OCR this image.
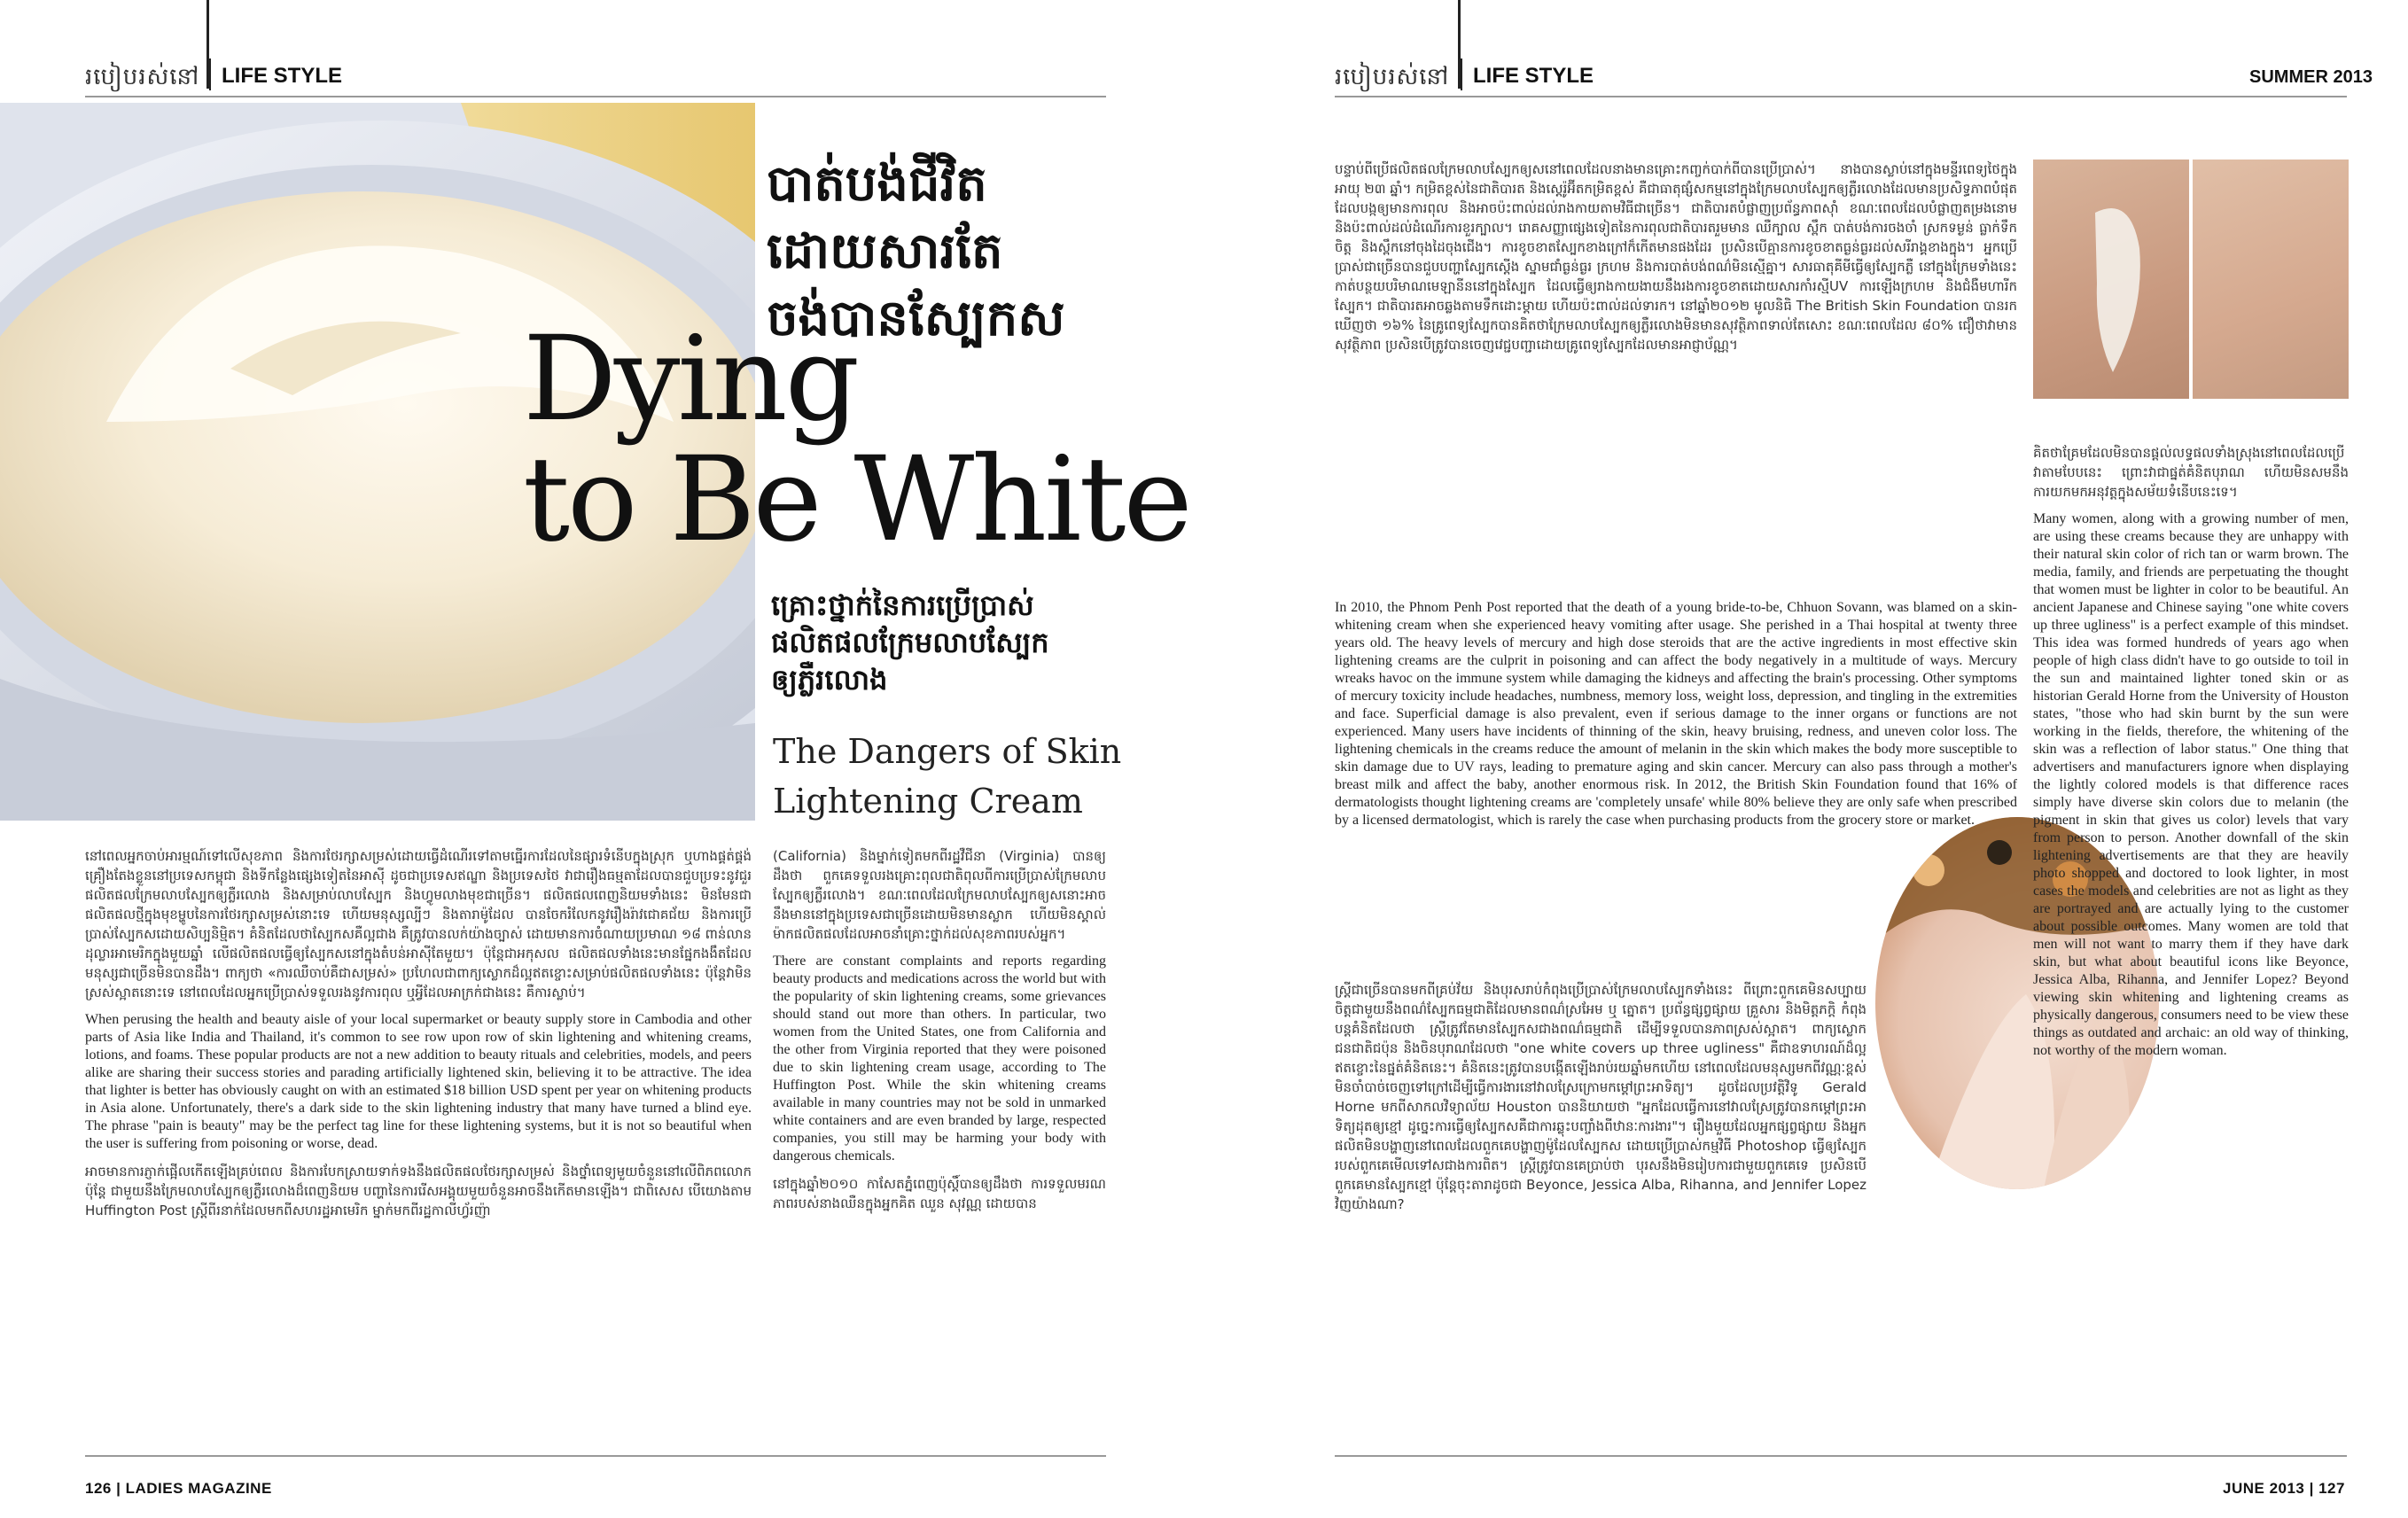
របៀបរស់នៅ LIFE STYLE
បាត់បង់ជីវិត
ដោយសារតែ
ចង់បានស្បែកស
Dying
to Be White
គ្រោះថ្នាក់នៃការប្រើប្រាស់
ផលិតផលក្រែមលាបស្បែក
ឲ្យភ្លឺរលោង
The Dangers of Skin
Lightening Cream

នៅពេលអ្នកចាប់អារម្មណ៍ទៅលើសុខភាព និងការថែរក្សាសម្រស់ដោយធ្វើដំណើរទៅតាមធ្នើរការដែលនៃផ្សារទំនើបក្នុងស្រុក ឬហាងផ្គត់ផ្គង់គ្រឿងតែងខ្លួននៅប្រទេសកម្ពុជា និងទីកន្លែងផ្សេងទៀតនៃអាស៊ី ដូចជាប្រទេសឥណ្ឌា និងប្រទេសថៃ វាជារឿងធម្មតាដែលបានជួបប្រទះនូវជួរផលិតផលក្រែមលាបស្បែកឲ្យភ្លឺរលោង និងសម្រាប់លាបស្បែក និងហ្វូមលាងមុខជាច្រើន។ ផលិតផលពេញនិយមទាំងនេះ មិនមែនជាផលិតផលថ្មីក្នុងមុខម្ហូបនៃការថែរក្សាសម្រស់នោះទេ ហើយមនុស្សល្បីៗ និងតារាម៉ូដែល បានចែករំលែកនូវរឿងរ៉ាវជោគជ័យ និងការប្រើប្រាស់ស្បែកសដោយសិប្បនិម្មិត។ គំនិតដែលថាស្បែកសគឺល្អជាង គឺត្រូវបានលក់យ៉ាងច្បាស់ ដោយមានការចំណាយប្រមាណ ១៨ ពាន់លានដុល្លារអាមេរិកក្នុងមួយឆ្នាំ លើផលិតផលធ្វើឲ្យស្បែកសនៅក្នុងតំបន់អាស៊ីតែមួយ។ ប៉ុន្តែជាអកុសល ផលិតផលទាំងនេះមានផ្នែកងងឹតដែលមនុស្សជាច្រើនមិនបានដឹង។ ពាក្យថា «ការឈឺចាប់គឺជាសម្រស់» ប្រហែលជាពាក្យស្លោកដ៏ល្អឥតខ្ចោះសម្រាប់ផលិតផលទាំងនេះ ប៉ុន្តែវាមិនស្រស់ស្អាតនោះទេ នៅពេលដែលអ្នកប្រើប្រាស់ទទួលរងនូវការពុល ឬអ្វីដែលអាក្រក់ជាងនេះ គឺការស្លាប់។

When perusing the health and beauty aisle of your local supermarket or beauty supply store in Cambodia and other parts of Asia like India and Thailand, it's common to see row upon row of skin lightening and whitening creams, lotions, and foams. These popular products are not a new addition to beauty rituals and celebrities, models, and peers alike are sharing their success stories and parading artificially lightened skin, believing it to be attractive. The idea that lighter is better has obviously caught on with an estimated $18 billion USD spent per year on whitening products in Asia alone. Unfortunately, there's a dark side to the skin lightening industry that many have turned a blind eye. The phrase "pain is beauty" may be the perfect tag line for these lightening systems, but it is not so beautiful when the user is suffering from poisoning or worse, dead.

អាចមានការភ្ញាក់ផ្អើលកើតឡើងគ្រប់ពេល និងការបែកស្រាយទាក់ទងនឹងផលិតផលថែរក្សាសម្រស់ និងថ្នាំពេទ្យមួយចំនួននៅលើពិភពលោក ប៉ុន្តែ ជាមួយនឹងក្រែមលាបស្បែកឲ្យភ្លឺរលោងដ៏ពេញនិយម បញ្ហានៃការរើសអង្គុយមួយចំនួនអាចនឹងកើតមានឡើង។ ជាពិសេស បើយោងតាម Huffington Post ស្ត្រីពីរនាក់ដែលមកពីសហរដ្ឋអាមេរិក ម្នាក់មកពីរដ្ឋកាលីហ្វ័រញ៉ា

(California) និងម្នាក់ទៀតមកពីរដ្ឋវឺជីនា (Virginia) បានឲ្យដឹងថា ពួកគេទទួលរងគ្រោះពុលជាតិពុលពីការប្រើប្រាស់ក្រែមលាបស្បែកឲ្យភ្លឺរលោង។ ខណៈពេលដែលក្រែមលាបស្បែកឲ្យសនោះអាចនឹងមាននៅក្នុងប្រទេសជាច្រើនដោយមិនមានស្លាក ហើយមិនស្គាល់ម៉ាកផលិតផលដែលអាចនាំគ្រោះថ្នាក់ដល់សុខភាពរបស់អ្នក។

There are constant complaints and reports regarding beauty products and medications across the world but with the popularity of skin lightening creams, some grievances should stand out more than others. In particular, two women from the United States, one from California and the other from Virginia reported that they were poisoned due to skin lightening cream usage, according to The Huffington Post. While the skin whitening creams available in many countries may not be sold in unmarked white containers and are even branded by large, respected companies, you still may be harming your body with dangerous chemicals.

នៅក្នុងឆ្នាំ២០១០ កាសែតភ្នំពេញប៉ុស្តិ៍បានឲ្យដឹងថា ការទទួលមរណភាពរបស់នាងឈឺនក្នុងអ្នកគិត ឈួន សុវណ្ណ ដោយបាន

126 | LADIES MAGAZINE
របៀបរស់នៅ LIFE STYLE	SUMMER 2013

បន្ទាប់ពីប្រើផលិតផលក្រែមលាបស្បែកឲ្យសនៅពេលដែលនាងមានគ្រោះកញ្ចក់បាក់ពីបានប្រើប្រាស់។ នាងបានស្លាប់នៅក្នុងមន្ទីរពេទ្យថៃក្នុងអាយុ ២៣ ឆ្នាំ។ កម្រិតខ្ពស់នៃជាតិបារត និងស្តេរ៉ូអ៊ីតកម្រិតខ្ពស់ គឺជាធាតុផ្សំសកម្មនៅក្នុងក្រែមលាបស្បែកឲ្យភ្លឺរលោងដែលមានប្រសិទ្ធភាពបំផុត ដែលបង្កឲ្យមានការពុល និងអាចប៉ះពាល់ដល់រាងកាយតាមវិធីជាច្រើន។ ជាតិបារតបំផ្លាញប្រព័ន្ធភាពស៊ាំ ខណៈពេលដែលបំផ្លាញតម្រងនោម និងប៉ះពាល់ដល់ដំណើរការខួរក្បាល។ រោគសញ្ញាផ្សេងទៀតនៃការពុលជាតិបារតរួមមាន ឈឺក្បាល ស្ពឹក បាត់បង់ការចងចាំ ស្រកទម្ងន់ ធ្លាក់ទឹកចិត្ត និងស្ពឹកនៅចុងដៃចុងជើង។ ការខូចខាតស្បែកខាងក្រៅក៏កើតមានផងដែរ ប្រសិនបើគ្មានការខូចខាតធ្ងន់ធ្ងរដល់សរីរាង្គខាងក្នុង។ អ្នកប្រើប្រាស់ជាច្រើនបានជួបបញ្ហាស្បែកស្តើង ស្នាមជាំធ្ងន់ធ្ងរ ក្រហម និងការបាត់បង់ពណ៌មិនស្មើគ្នា។ សារធាតុគីមីធ្វើឲ្យស្បែកភ្លឺ នៅក្នុងក្រែមទាំងនេះកាត់បន្ថយបរិមាណមេឡានីននៅក្នុងស្បែក ដែលធ្វើឲ្យរាងកាយងាយនឹងរងការខូចខាតដោយសារកាំរស្មីUV ការឡើងក្រហម និងជំងឺមហារីកស្បែក។ ជាតិបារតអាចឆ្លងតាមទឹកដោះម្តាយ ហើយប៉ះពាល់ដល់ទារក។ នៅឆ្នាំ២០១២ មូលនិធិ The British Skin Foundation បានរកឃើញថា ១៦% នៃគ្រូពេទ្យស្បែកបានគិតថាក្រែមលាបស្បែកឲ្យភ្លឺរលោងមិនមានសុវត្ថិភាពទាល់តែសោះ ខណៈពេលដែល ៨០% ជឿថាវាមានសុវត្ថិភាព ប្រសិនបើត្រូវបានចេញវេជ្ជបញ្ជាដោយគ្រូពេទ្យស្បែកដែលមានអាជ្ញាប័ណ្ណ។

In 2010, the Phnom Penh Post reported that the death of a young bride-to-be, Chhuon Sovann, was blamed on a skin-whitening cream when she experienced heavy vomiting after usage. She perished in a Thai hospital at twenty three years old. The heavy levels of mercury and high dose steroids that are the active ingredients in most effective skin lightening creams are the culprit in poisoning and can affect the body negatively in a multitude of ways. Mercury wreaks havoc on the immune system while damaging the kidneys and affecting the brain's processing. Other symptoms of mercury toxicity include headaches, numbness, memory loss, weight loss, depression, and tingling in the extremities and face. Superficial damage is also prevalent, even if serious damage to the inner organs or functions are not experienced. Many users have incidents of thinning of the skin, heavy bruising, redness, and uneven color loss. The lightening chemicals in the creams reduce the amount of melanin in the skin which makes the body more susceptible to skin damage due to UV rays, leading to premature aging and skin cancer. Mercury can also pass through a mother's breast milk and affect the baby, another enormous risk. In 2012, the British Skin Foundation found that 16% of dermatologists thought lightening creams are 'completely unsafe' while 80% believe they are only safe when prescribed by a licensed dermatologist, which is rarely the case when purchasing products from the grocery store or market.

ស្ត្រីជាច្រើនបានមកពីគ្រប់វ័យ និងបុរសរាប់កំពុងប្រើប្រាស់ក្រែមលាបស្បែកទាំងនេះ ពីព្រោះពួកគេមិនសប្បាយចិត្តជាមួយនឹងពណ៌ស្បែកធម្មជាតិដែលមានពណ៌ស្រអែម ឬ ត្នោត។ ប្រព័ន្ធផ្សព្វផ្សាយ គ្រួសារ និងមិត្តភក្តិ កំពុងបន្តគំនិតដែលថា ស្ត្រីត្រូវតែមានស្បែកសជាងពណ៌ធម្មជាតិ ដើម្បីទទួលបានភាពស្រស់ស្អាត។ ពាក្យស្លោកជនជាតិជប៉ុន និងចិនបុរាណដែលថា "one white covers up three ugliness" គឺជាឧទាហរណ៍ដ៏ល្អឥតខ្ចោះនៃផ្នត់គំនិតនេះ។ គំនិតនេះត្រូវបានបង្កើតឡើងរាប់រយឆ្នាំមកហើយ នៅពេលដែលមនុស្សមកពីវណ្ណៈខ្ពស់មិនចាំបាច់ចេញទៅក្រៅដើម្បីធ្វើការងារនៅវាលស្រែក្រោមកម្តៅព្រះអាទិត្យ។ ដូចដែលប្រវត្តិវិទូ Gerald Horne មកពីសាកលវិទ្យាល័យ Houston បាននិយាយថា "អ្នកដែលធ្វើការនៅវាលស្រែត្រូវបានកម្តៅព្រះអាទិត្យដុតឲ្យខ្មៅ ដូច្នេះការធ្វើឲ្យស្បែកសគឺជាការឆ្លុះបញ្ចាំងពីឋានៈការងារ"។ រឿងមួយដែលអ្នកផ្សព្វផ្សាយ និងអ្នកផលិតមិនបង្ហាញនៅពេលដែលពួកគេបង្ហាញម៉ូដែលស្បែកស ដោយប្រើប្រាស់កម្មវិធី Photoshop ធ្វើឲ្យស្បែករបស់ពួកគេមើលទៅសជាងការពិត។ ស្ត្រីត្រូវបានគេប្រាប់ថា បុរសនឹងមិនរៀបការជាមួយពួកគេទេ ប្រសិនបើពួកគេមានស្បែកខ្មៅ ប៉ុន្តែចុះតារាដូចជា Beyonce, Jessica Alba, Rihanna, and Jennifer Lopez វិញយ៉ាងណា?

គិតថាគ្រែមដែលមិនបានផ្តល់លទ្ធផលទាំងស្រុងនៅពេលដែលប្រើវាតាមបែបនេះ ព្រោះវាជាផ្នត់គំនិតបុរាណ ហើយមិនសមនឹងការយកមកអនុវត្តក្នុងសម័យទំនើបនេះទេ។

Many women, along with a growing number of men, are using these creams because they are unhappy with their natural skin color of rich tan or warm brown. The media, family, and friends are perpetuating the thought that women must be lighter in color to be beautiful. An ancient Japanese and Chinese saying "one white covers up three ugliness" is a perfect example of this mindset. This idea was formed hundreds of years ago when people of high class didn't have to go outside to toil in the sun and maintained lighter toned skin or as historian Gerald Horne from the University of Houston states, "those who had skin burnt by the sun were working in the fields, therefore, the whitening of the skin was a reflection of labor status." One thing that advertisers and manufacturers ignore when displaying the lightly colored models is that difference races simply have diverse skin colors due to melanin (the pigment in skin that gives us color) levels that vary from person to person. Another downfall of the skin lightening advertisements are that they are heavily photo shopped and doctored to look lighter, in most cases the models and celebrities are not as light as they are portrayed and are actually lying to the customer about possible outcomes. Many women are told that men will not want to marry them if they have dark skin, but what about beautiful icons like Beyonce, Jessica Alba, Rihanna, and Jennifer Lopez? Beyond viewing skin whitening and lightening creams as physically dangerous, consumers need to be view these things as outdated and archaic: an old way of thinking, not worthy of the modern woman.

JUNE 2013 | 127
